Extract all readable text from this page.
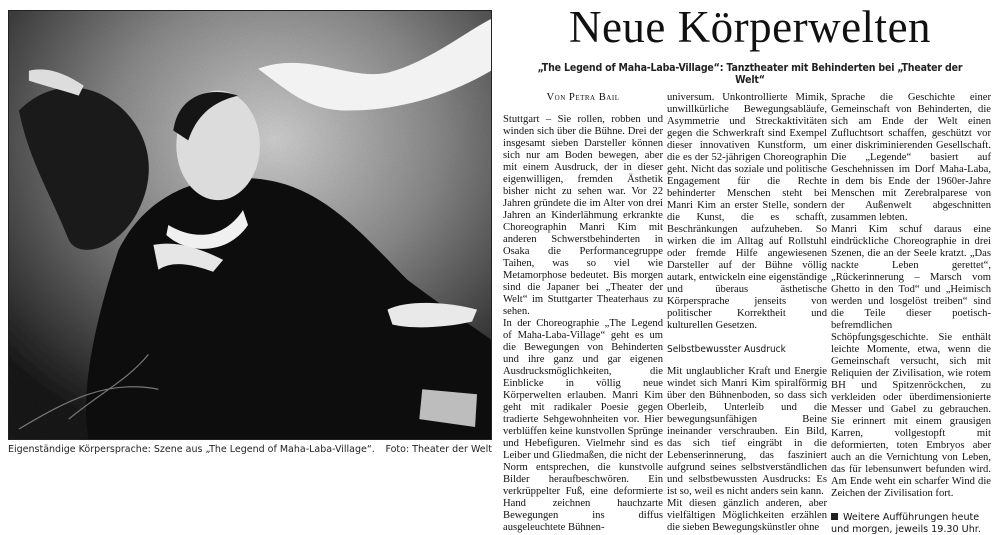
Eigenständige Körpersprache: Szene aus „The Legend of Maha-Laba-Village“. Foto: Theater der Welt
Neue Körperwelten
„The Legend of Maha-Laba-Village“: Tanztheater mit Behinderten bei „Theater der Welt“

Von Petra Bail

Stuttgart – Sie rollen, robben und winden sich über die Bühne. Drei der insgesamt sieben Darsteller können sich nur am Boden bewegen, aber mit einem Ausdruck, der in dieser eigenwilligen, fremden Ästhetik bisher nicht zu sehen war. Vor 22 Jahren gründete die im Alter von drei Jahren an Kinderlähmung erkrankte Choreographin Manri Kim mit anderen Schwerstbehinderten in Osaka die Performancegruppe Taihen, was so viel wie Metamorphose bedeutet. Bis morgen sind die Japaner bei „Theater der Welt“ im Stuttgarter Theaterhaus zu sehen.

In der Choreographie „The Legend of Maha-Laba-Village“ geht es um die Bewegungen von Behinderten und ihre ganz und gar eigenen Ausdrucksmöglichkeiten, die Einblicke in völlig neue Körperwelten erlauben. Manri Kim geht mit radikaler Poesie gegen tradierte Sehgewohnheiten vor. Hier verblüffen keine kunstvollen Sprünge und Hebefiguren. Vielmehr sind es Leiber und Gliedmaßen, die nicht der Norm entsprechen, die kunstvolle Bilder heraufbeschwören. Ein verkrüppelter Fuß, eine deformierte Hand zeichnen hauchzarte Bewegungen ins diffus ausgeleuchtete Bühnen-

universum. Unkontrollierte Mimik, unwillkürliche Bewegungsabläufe, Asymmetrie und Streckaktivitäten gegen die Schwerkraft sind Exempel dieser innovativen Kunstform, um die es der 52-jährigen Choreographin geht. Nicht das soziale und politische Engagement für die Rechte behinderter Menschen steht bei Manri Kim an erster Stelle, sondern die Kunst, die es schafft, Beschränkungen aufzuheben. So wirken die im Alltag auf Rollstuhl oder fremde Hilfe angewiesenen Darsteller auf der Bühne völlig autark, entwickeln eine eigenständige und überaus ästhetische Körpersprache jenseits von politischer Korrektheit und kulturellen Gesetzen.

Selbstbewusster Ausdruck

Mit unglaublicher Kraft und Energie windet sich Manri Kim spiralförmig über den Bühnenboden, so dass sich Oberleib, Unterleib und die bewegungsunfähigen Beine ineinander verschrauben. Ein Bild, das sich tief eingräbt in die Lebenserinnerung, das fasziniert aufgrund seines selbstverständlichen und selbstbewussten Ausdrucks: Es ist so, weil es nicht anders sein kann.

Mit diesen gänzlich anderen, aber vielfältigen Möglichkeiten erzählen die sieben Bewegungskünstler ohne

Sprache die Geschichte einer Gemeinschaft von Behinderten, die sich am Ende der Welt einen Zufluchtsort schaffen, geschützt vor einer diskriminierenden Gesellschaft. Die „Legende“ basiert auf Geschehnissen im Dorf Maha-Laba, in dem bis Ende der 1960er-Jahre Menschen mit Zerebralparese von der Außenwelt abgeschnitten zusammen lebten.

Manri Kim schuf daraus eine eindrückliche Choreographie in drei Szenen, die an der Seele kratzt. „Das nackte Leben gerettet“, „Rückerinnerung – Marsch vom Ghetto in den Tod“ und „Heimisch werden und losgelöst treiben“ sind die Teile dieser poetisch-befremdlichen Schöpfungsgeschichte. Sie enthält leichte Momente, etwa, wenn die Gemeinschaft versucht, sich mit Reliquien der Zivilisation, wie rotem BH und Spitzenröckchen, zu verkleiden oder überdimensionierte Messer und Gabel zu gebrauchen. Sie erinnert mit einem grausigen Karren, vollgestopft mit deformierten, toten Embryos aber auch an die Vernichtung von Leben, das für lebensunwert befunden wird. Am Ende weht ein scharfer Wind die Zeichen der Zivilisation fort.

Weitere Aufführungen heute und morgen, jeweils 19.30 Uhr.
